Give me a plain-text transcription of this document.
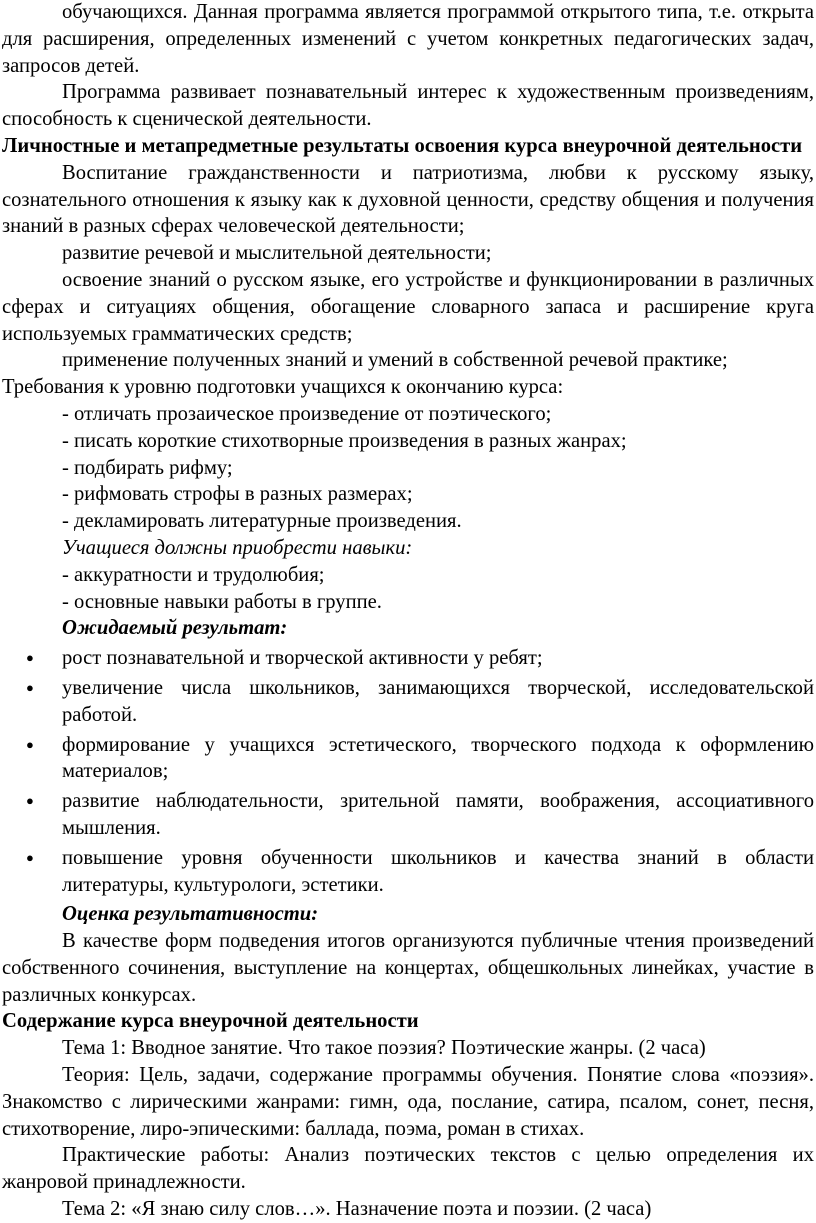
обучающихся. Данная программа является программой открытого типа, т.е. открыта для расширения, определенных изменений с учетом конкретных педагогических задач, запросов детей.

Программа развивает познавательный интерес к художественным произведениям, способность к сценической деятельности.

Личностные и метапредметные результаты освоения курса внеурочной деятельности

Воспитание гражданственности и патриотизма, любви к русскому языку, сознательного отношения к языку как к духовной ценности, средству общения и получения знаний в разных сферах человеческой деятельности;

развитие речевой и мыслительной деятельности;

освоение знаний о русском языке, его устройстве и функционировании в различных сферах и ситуациях общения, обогащение словарного запаса и расширение круга используемых грамматических средств;

применение полученных знаний и умений в собственной речевой практике;

Требования к уровню подготовки учащихся к окончанию курса:

- отличать прозаическое произведение от поэтического;

- писать короткие стихотворные произведения в разных жанрах;

- подбирать рифму;

- рифмовать строфы в разных размерах;

- декламировать литературные произведения.

Учащиеся должны приобрести навыки:

- аккуратности и трудолюбия;

- основные навыки работы в группе.

Ожидаемый результат:

● рост познавательной и творческой активности у ребят;
● увеличение числа школьников, занимающихся творческой, исследовательской работой.
● формирование у учащихся эстетического, творческого подхода к оформлению материалов;
● развитие наблюдательности, зрительной памяти, воображения, ассоциативного мышления.
● повышение уровня обученности школьников и качества знаний в области литературы, культурологи, эстетики.

Оценка результативности:

В качестве форм подведения итогов организуются публичные чтения произведений собственного сочинения, выступление на концертах, общешкольных линейках, участие в различных конкурсах.

Содержание курса внеурочной деятельности

Тема 1: Вводное занятие. Что такое поэзия? Поэтические жанры. (2 часа)

Теория: Цель, задачи, содержание программы обучения. Понятие слова «поэзия». Знакомство с лирическими жанрами: гимн, ода, послание, сатира, псалом, сонет, песня, стихотворение, лиро-эпическими: баллада, поэма, роман в стихах.

Практические работы: Анализ поэтических текстов с целью определения их жанровой принадлежности.

Тема 2: «Я знаю силу слов…». Назначение поэта и поэзии. (2 часа)
